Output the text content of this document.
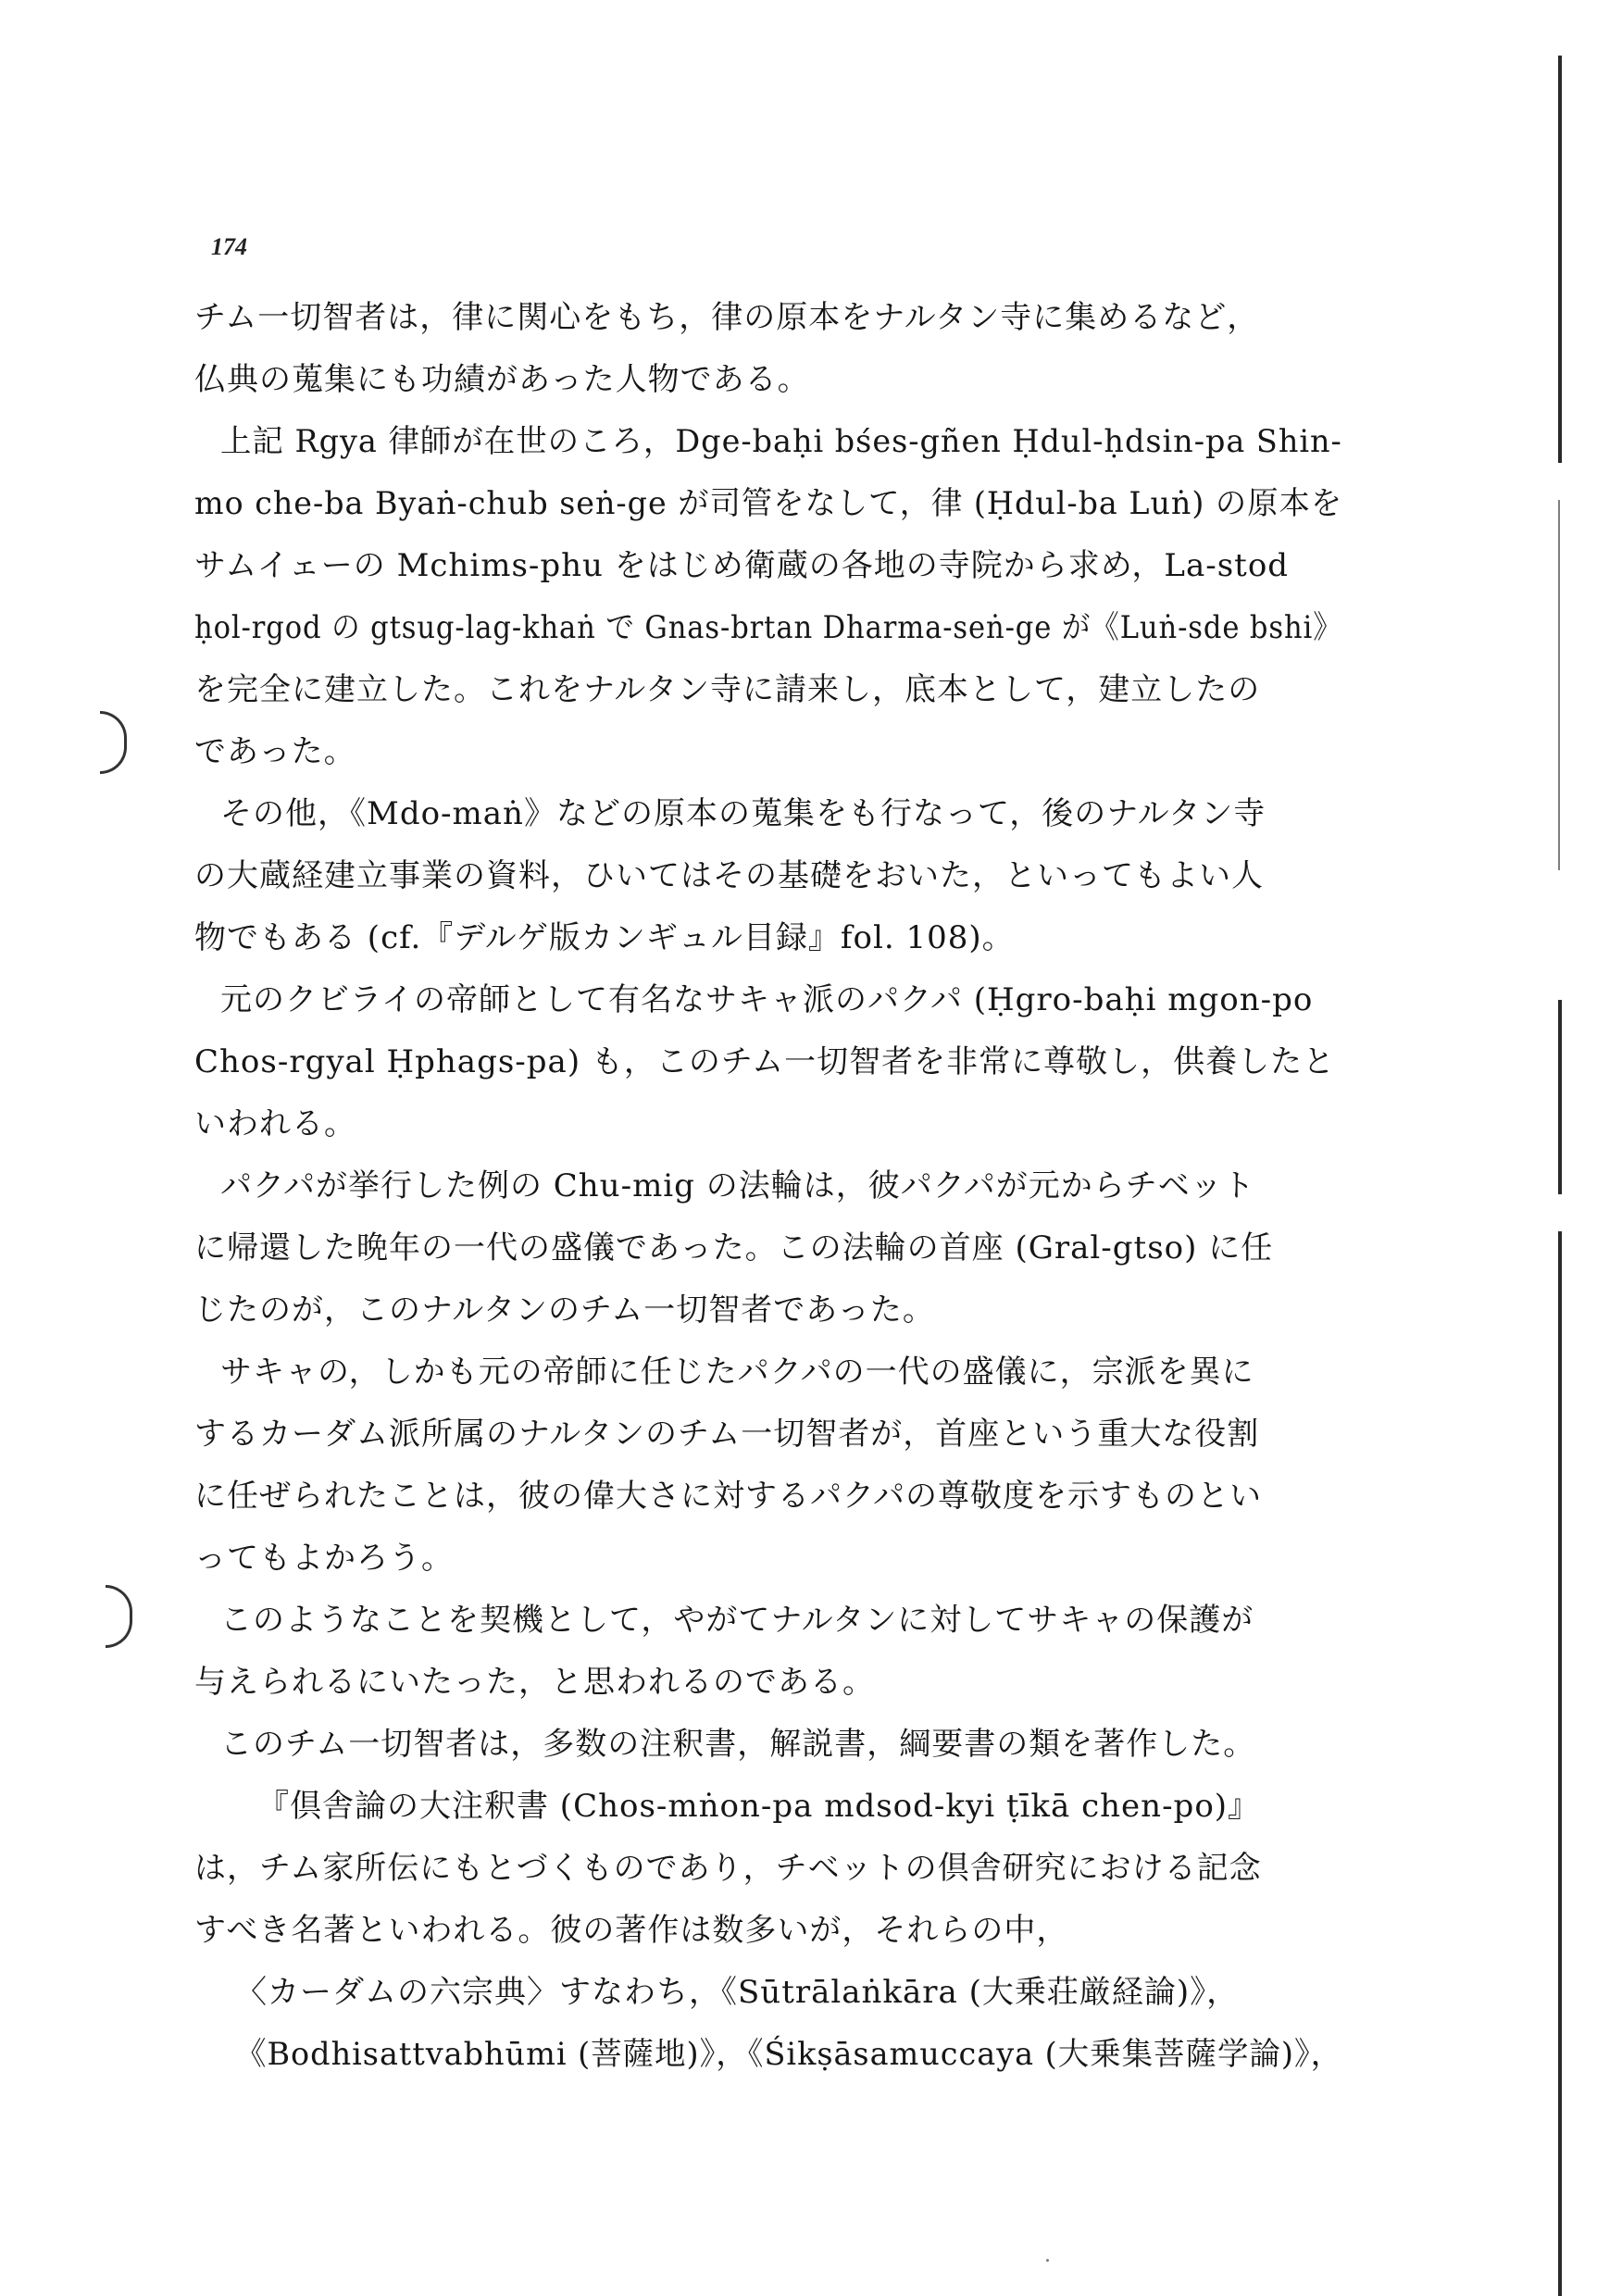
174
チム一切智者は，律に関心をもち，律の原本をナルタン寺に集めるなど，
仏典の蒐集にも功績があった人物である。
上記 Rgya 律師が在世のころ，Dge-baḥi bśes-gñen Ḥdul-ḥdsin-pa Shin-
mo che-ba Byaṅ-chub seṅ-ge が司管をなして，律 (Ḥdul-ba Luṅ) の原本を
サムイェーの Mchims-phu をはじめ衛蔵の各地の寺院から求め，La-stod
ḥol-rgod の gtsug-lag-khaṅ で Gnas-brtan Dharma-seṅ-ge が《Luṅ-sde bshi》
を完全に建立した。これをナルタン寺に請来し，底本として，建立したの
であった。
その他，《Mdo-maṅ》などの原本の蒐集をも行なって，後のナルタン寺
の大蔵経建立事業の資料，ひいてはその基礎をおいた，といってもよい人
物でもある (cf.『デルゲ版カンギュル目録』fol. 108)。
元のクビライの帝師として有名なサキャ派のパクパ (Ḥgro-baḥi mgon-po
Chos-rgyal Ḥphags-pa) も，このチム一切智者を非常に尊敬し，供養したと
いわれる。
パクパが挙行した例の Chu-mig の法輪は，彼パクパが元からチベット
に帰還した晩年の一代の盛儀であった。この法輪の首座 (Gral-gtso) に任
じたのが，このナルタンのチム一切智者であった。
サキャの，しかも元の帝師に任じたパクパの一代の盛儀に，宗派を異に
するカーダム派所属のナルタンのチム一切智者が，首座という重大な役割
に任ぜられたことは，彼の偉大さに対するパクパの尊敬度を示すものとい
ってもよかろう。
このようなことを契機として，やがてナルタンに対してサキャの保護が
与えられるにいたった，と思われるのである。
このチム一切智者は，多数の注釈書，解説書，綱要書の類を著作した。
『倶舎論の大注釈書 (Chos-mṅon-pa mdsod-kyi ṭīkā chen-po)』
は，チム家所伝にもとづくものであり，チベットの倶舎研究における記念
すべき名著といわれる。彼の著作は数多いが，それらの中，
〈カーダムの六宗典〉すなわち，《Sūtrālaṅkāra (大乗荘厳経論)》，
《Bodhisattvabhūmi (菩薩地)》，《Śikṣāsamuccaya (大乗集菩薩学論)》，
